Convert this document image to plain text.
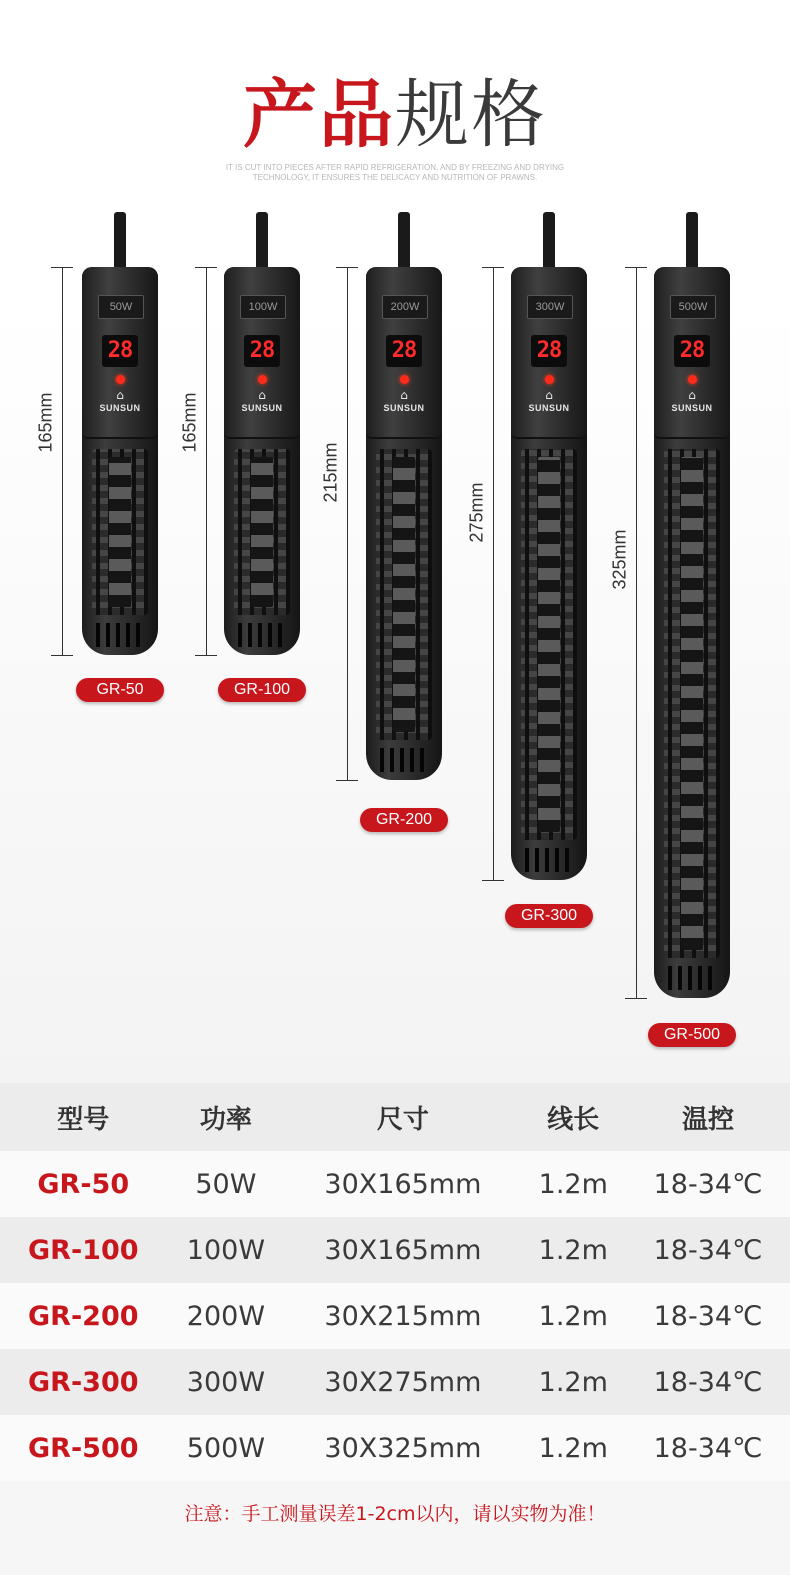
产品规格
IT IS CUT INTO PIECES AFTER RAPID REFRIGERATION, AND BY FREEZING AND DRYING
TECHNOLOGY, IT ENSURES THE DELICACY AND NUTRITION OF PRAWNS.
50W
28
⌂
SUNSUN
165mm
GR-50
100W
28
⌂
SUNSUN
165mm
GR-100
200W
28
⌂
SUNSUN
215mm
GR-200
300W
28
⌂
SUNSUN
275mm
GR-300
500W
28
⌂
SUNSUN
325mm
GR-500
型号	功率	尺寸	线长	温控
GR-50	50W	30X165mm	1.2m	18-34℃
GR-100	100W	30X165mm	1.2m	18-34℃
GR-200	200W	30X215mm	1.2m	18-34℃
GR-300	300W	30X275mm	1.2m	18-34℃
GR-500	500W	30X325mm	1.2m	18-34℃
注意：手工测量误差1-2cm以内，请以实物为准！
